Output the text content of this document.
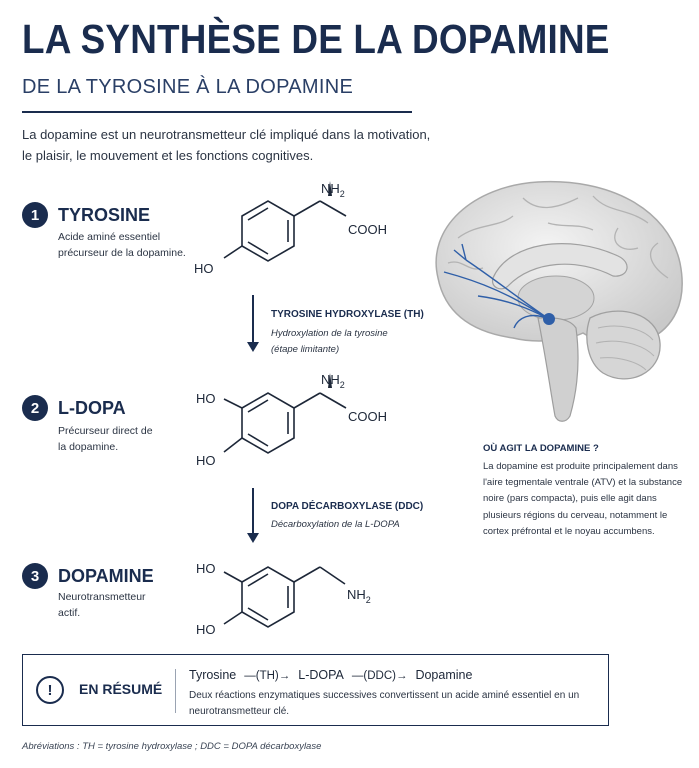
LA SYNTHÈSE DE LA DOPAMINE
DE LA TYROSINE À LA DOPAMINE
La dopamine est un neurotransmetteur clé impliqué dans la motivation, le plaisir, le mouvement et les fonctions cognitives.
1	TYROSINE
Acide aminé essentiel précurseur de la dopamine.
2	L-DOPA
Précurseur direct de la dopamine.
3	DOPAMINE
Neurotransmetteur actif.
$NH_2$
COOH
HO
TYROSINE HYDROXYLASE (TH)
Hydroxylation de la tyrosine
(étape limitante)
$NH_2$
COOH
HO
HO
DOPA DÉCARBOXYLASE (DDC)
Décarboxylation de la L-DOPA
$NH_2$
HO
HO
OÙ AGIT LA DOPAMINE ?
La dopamine est produite principalement dans l'aire tegmentale ventrale (ATV) et la substance noire (pars compacta), puis elle agit dans plusieurs régions du cerveau, notamment le cortex préfrontal et le noyau accumbens.
!	EN RÉSUMÉ
Tyrosine —(TH)→ L-DOPA —(DDC)→ Dopamine
Deux réactions enzymatiques successives convertissent un acide aminé essentiel en un neurotransmetteur clé.
Abréviations : TH = tyrosine hydroxylase ; DDC = DOPA décarboxylase
